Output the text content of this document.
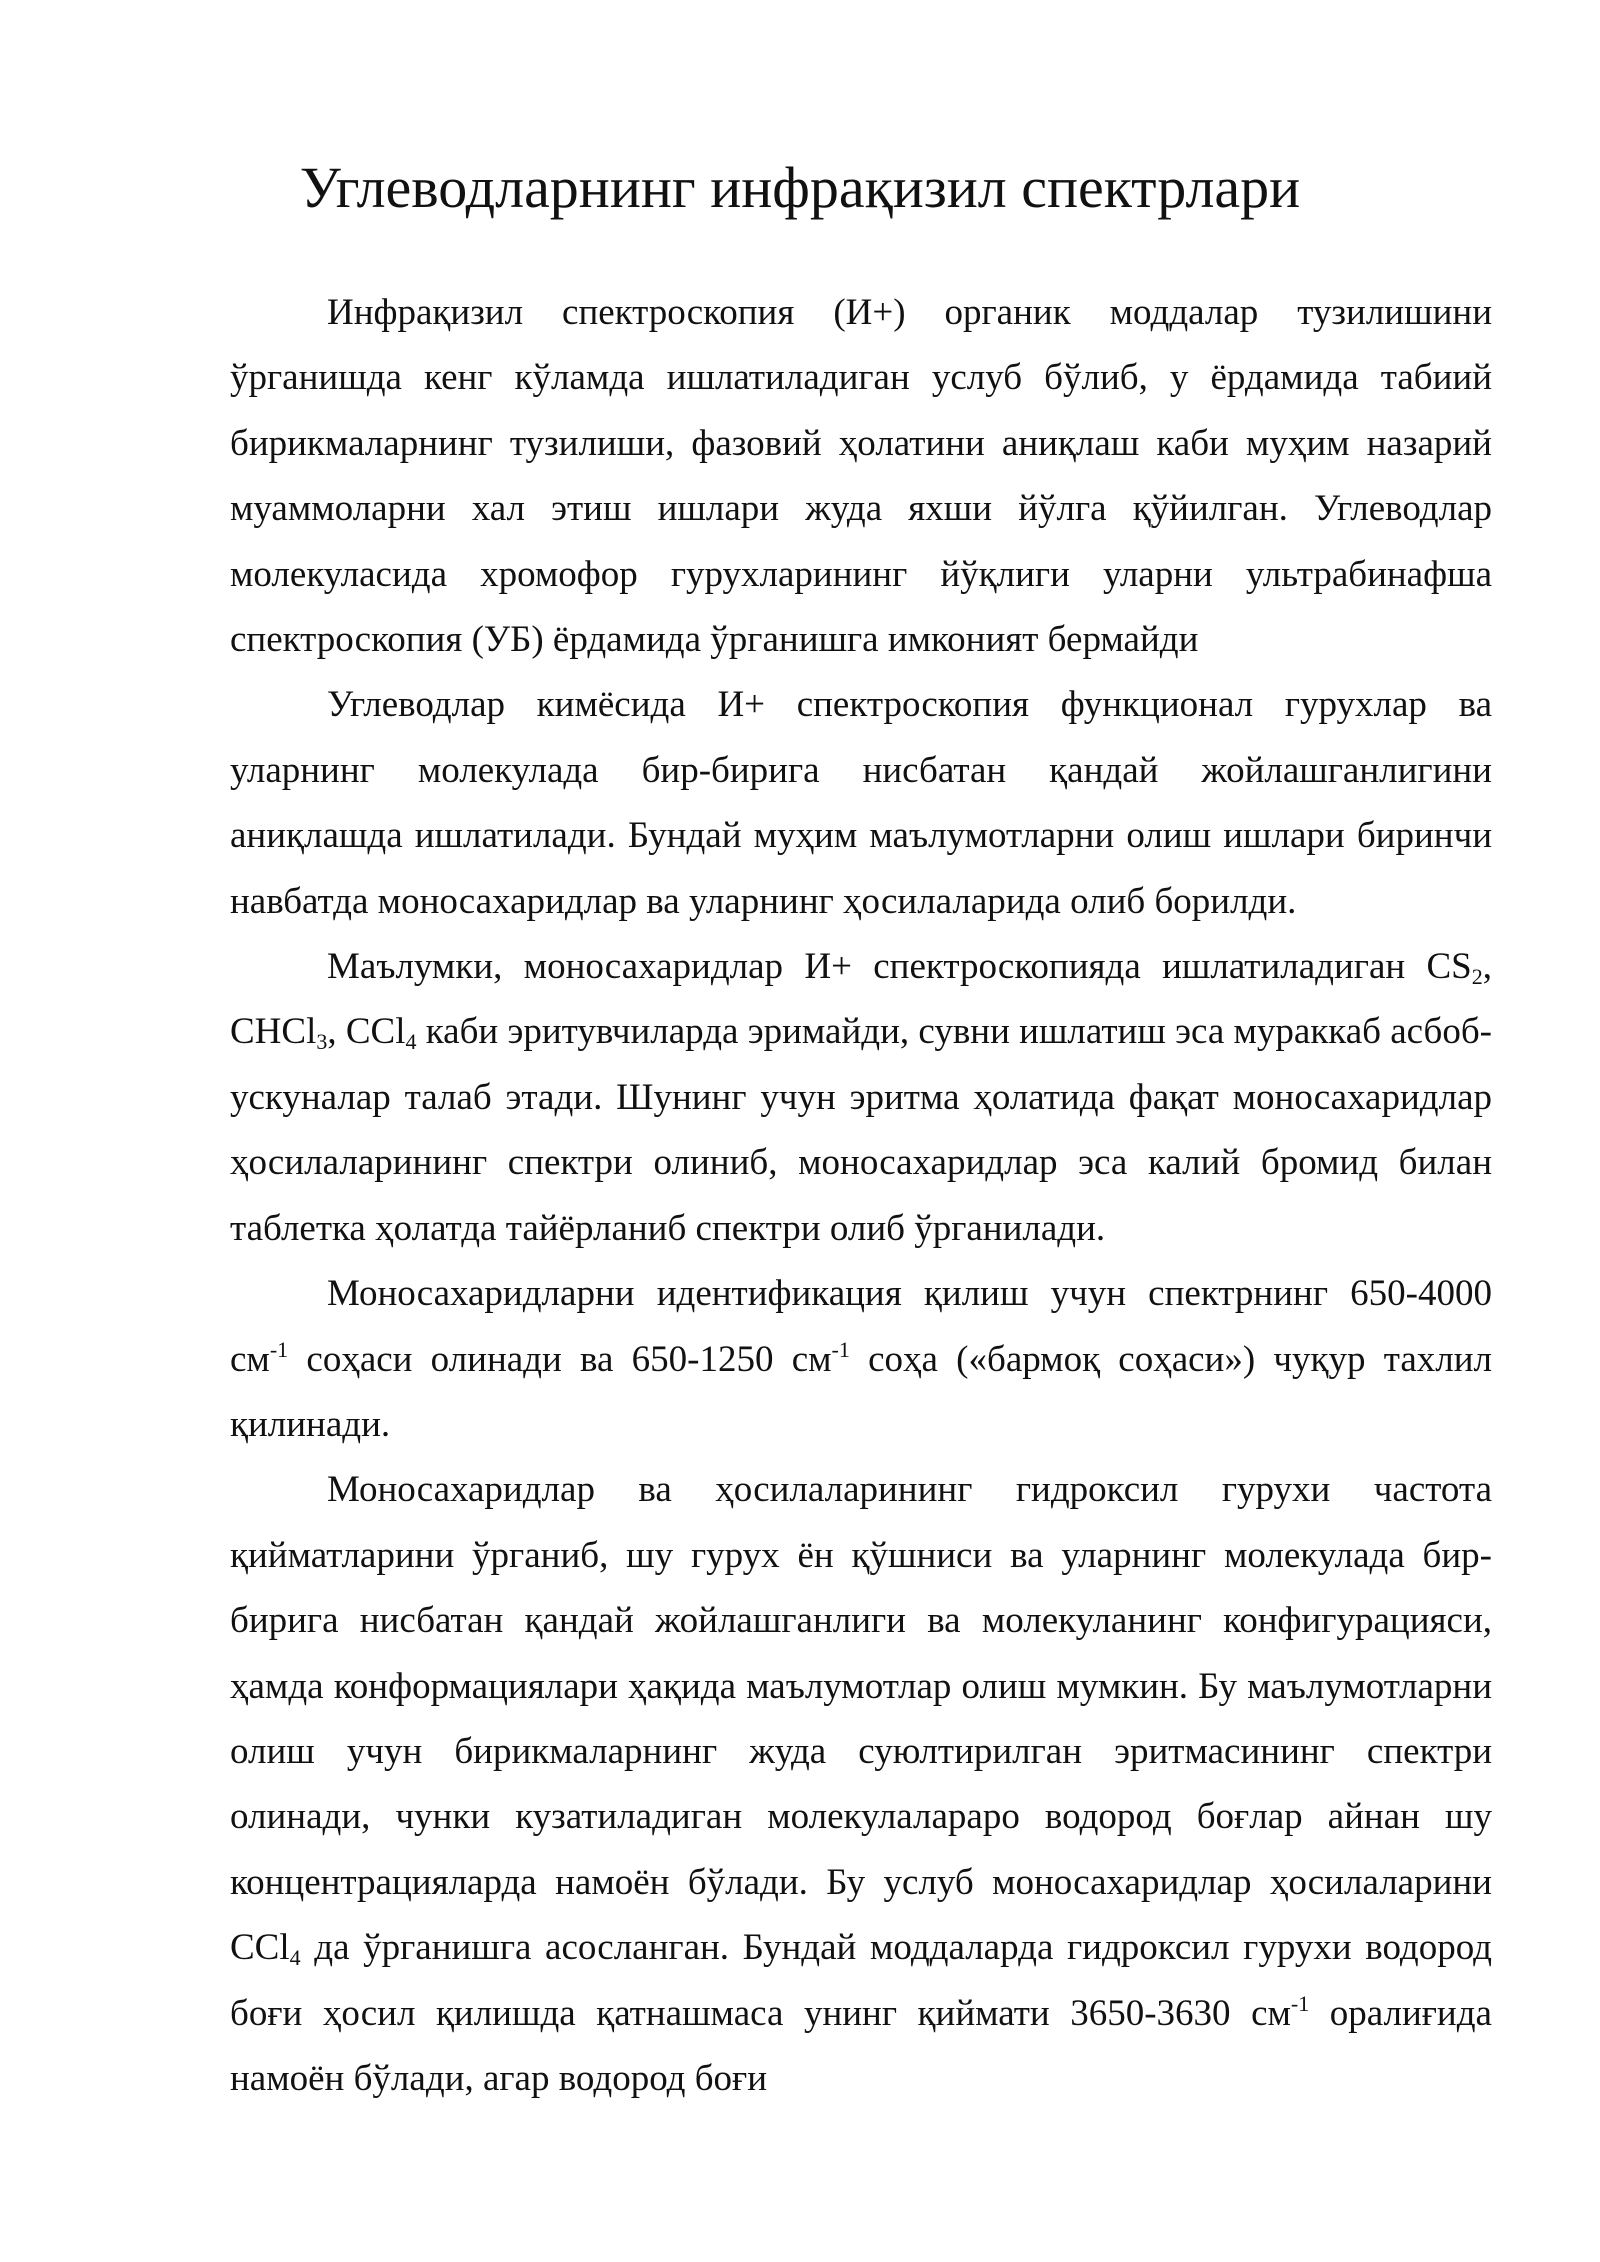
Углеводларнинг инфрақизил спектрлари

Инфрақизил спектроскопия (И+) органик моддалар тузилишини ўрганишда кенг кўламда ишлатиладиган услуб бўлиб, у ёрдамида табиий бирикмаларнинг тузилиши, фазовий ҳолатини аниқлаш каби муҳим назарий муаммоларни хал этиш ишлари жуда яхши йўлга қўйилган. Углеводлар молекуласида хромофор гурухларининг йўқлиги уларни ультрабинафша спектроскопия (УБ) ёрдамида ўрганишга имконият бермайди

Углеводлар кимёсида И+ спектроскопия функционал гурухлар ва уларнинг молекулада бир-бирига нисбатан қандай жойлашганлигини аниқлашда ишлатилади. Бундай муҳим маълумотларни олиш ишлари биринчи навбатда моносахаридлар ва уларнинг ҳосилаларида олиб борилди.

Маълумки, моносахаридлар И+ спектроскопияда ишлатиладиган $CS_2$, CHCl$_3$, CCl$_4$ каби эритувчиларда эримайди, сувни ишлатиш эса мураккаб асбоб-ускуналар талаб этади. Шунинг учун эритма ҳолатида фақат моносахаридлар ҳосилаларининг спектри олиниб, моносахаридлар эса калий бромид билан таблетка ҳолатда тайёрланиб спектри олиб ўрганилади.

Моносахаридларни идентификация қилиш учун спектрнинг 650-4000 $см^{-1}$ соҳаси олинади ва 650-1250 $см^{-1}$ соҳа («бармоқ соҳаси») чуқур тахлил қилинади.

Моносахаридлар ва ҳосилаларининг гидроксил гурухи частота қийматларини ўрганиб, шу гурух ён қўшниси ва уларнинг молекулада бир-бирига нисбатан қандай жойлашганлиги ва молекуланинг конфигурацияси, ҳамда конформациялари ҳақида маълумотлар олиш мумкин. Бу маълумотларни олиш учун бирикмаларнинг жуда суюлтирилган эритмасининг спектри олинади, чунки кузатиладиган молекулалараро водород боғлар айнан шу концентрацияларда намоён бўлади. Бу услуб моносахаридлар ҳосилаларини CCl$_4$ да ўрганишга асосланган. Бундай моддаларда гидроксил гурухи водород боғи ҳосил қилишда қатнашмаса унинг қиймати 3650-3630 $см^{-1}$ оралиғида намоён бўлади, агар водород боғи
